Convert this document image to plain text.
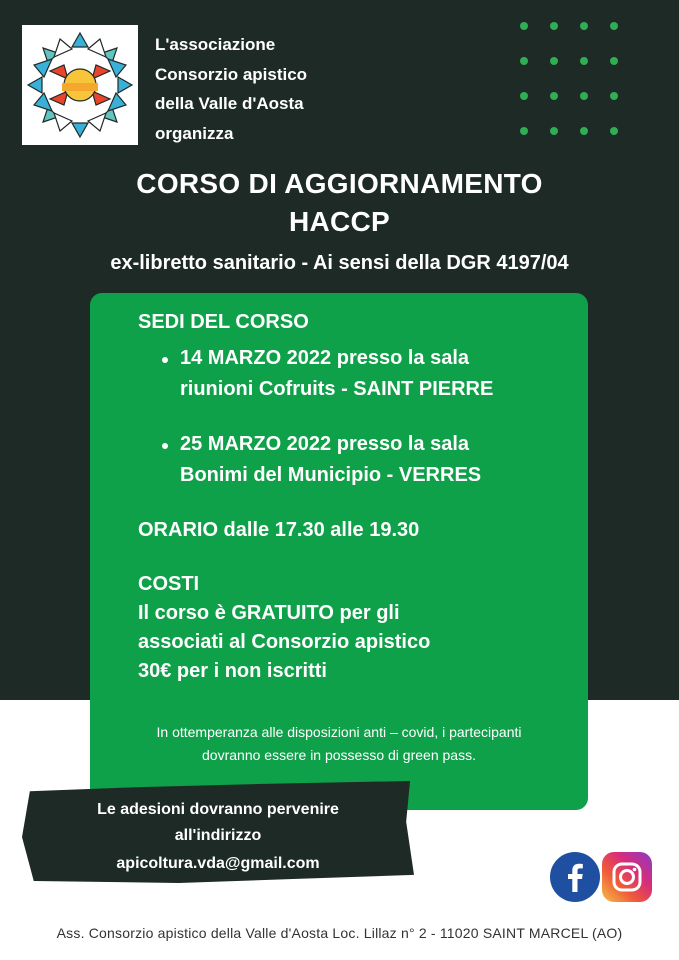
L'associazione
Consorzio apistico
della Valle d'Aosta
organizza
CORSO DI AGGIORNAMENTO
HACCP
ex-libretto sanitario - Ai sensi della DGR 4197/04
SEDI DEL CORSO
14 MARZO 2022 presso la sala
riunioni Cofruits - SAINT PIERRE
25 MARZO 2022 presso la sala
Bonimi del Municipio - VERRES
ORARIO dalle 17.30 alle 19.30
COSTI
Il corso è GRATUITO per gli
associati al Consorzio apistico
30€ per i non iscritti
In ottemperanza alle disposizioni anti – covid, i partecipanti
dovranno essere in possesso di green pass.
Le adesioni dovranno pervenire
all'indirizzo
apicoltura.vda@gmail.com
Ass. Consorzio apistico della Valle d'Aosta Loc. Lillaz n° 2 - 11020 SAINT MARCEL (AO)
